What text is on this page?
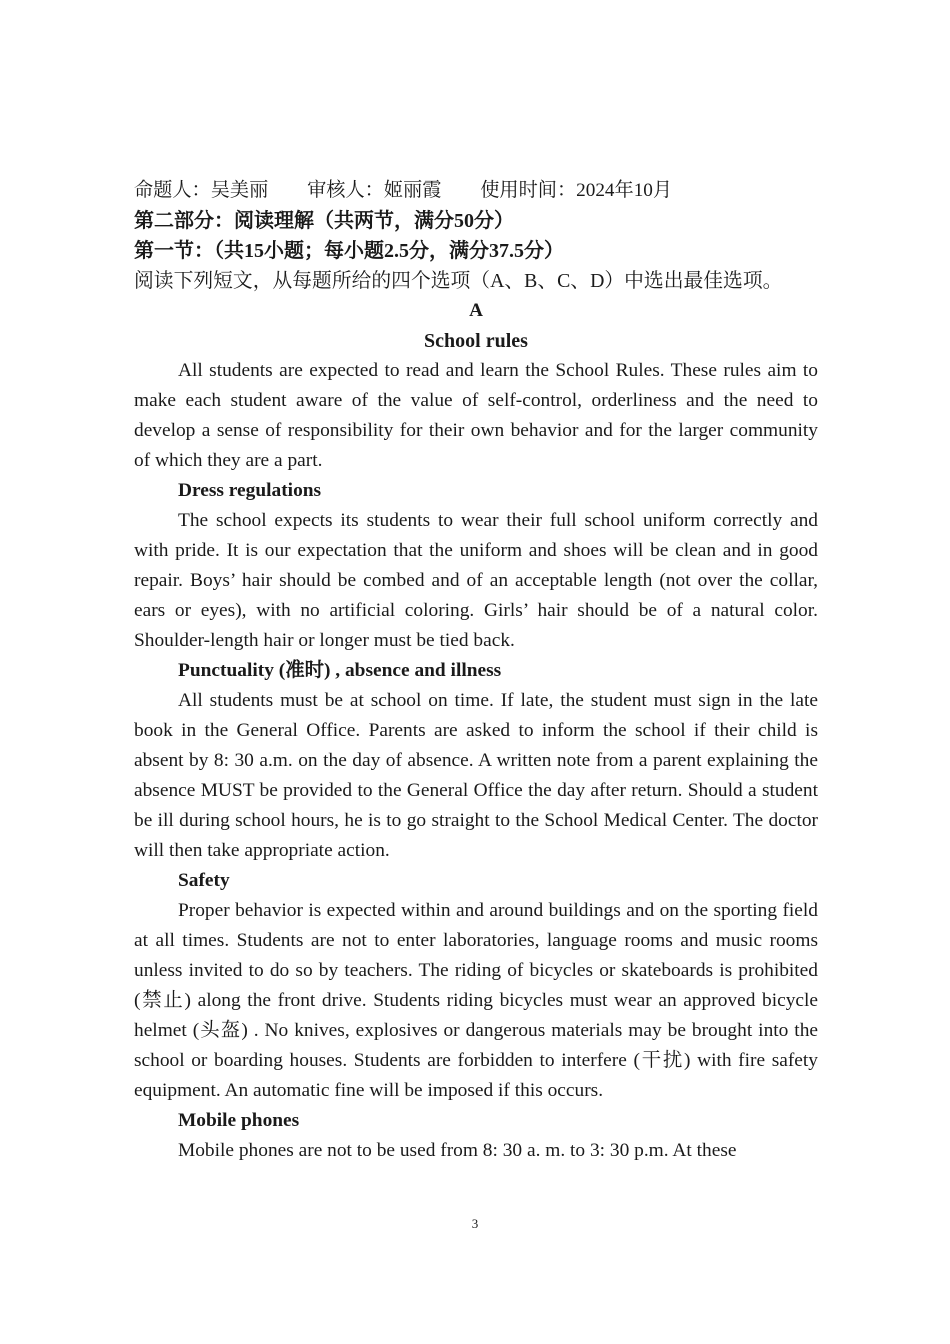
命题人：吴美丽 审核人：姬丽霞 使用时间：2024年10月
第二部分：阅读理解（共两节，满分50分）
第一节：（共15小题；每小题2.5分，满分37.5分）
阅读下列短文，从每题所给的四个选项（A、B、C、D）中选出最佳选项。
A
School rules

All students are expected to read and learn the School Rules. These rules aim to make each student aware of the value of self-control, orderliness and the need to develop a sense of responsibility for their own behavior and for the larger community of which they are a part.

Dress regulations

The school expects its students to wear their full school uniform correctly and with pride. It is our expectation that the uniform and shoes will be clean and in good repair. Boys’ hair should be combed and of an acceptable length (not over the collar, ears or eyes), with no artificial coloring. Girls’ hair should be of a natural color. Shoulder-length hair or longer must be tied back.

Punctuality (准时) , absence and illness

All students must be at school on time. If late, the student must sign in the late book in the General Office. Parents are asked to inform the school if their child is absent by 8: 30 a.m. on the day of absence. A written note from a parent explaining the absence MUST be provided to the General Office the day after return. Should a student be ill during school hours, he is to go straight to the School Medical Center. The doctor will then take appropriate action.

Safety

Proper behavior is expected within and around buildings and on the sporting field at all times. Students are not to enter laboratories, language rooms and music rooms unless invited to do so by teachers. The riding of bicycles or skateboards is prohibited (禁止) along the front drive. Students riding bicycles must wear an approved bicycle helmet (头盔) . No knives, explosives or dangerous materials may be brought into the school or boarding houses. Students are forbidden to interfere (干扰) with fire safety equipment. An automatic fine will be imposed if this occurs.

Mobile phones

Mobile phones are not to be used from 8: 30 a. m. to 3: 30 p.m. At these

3
